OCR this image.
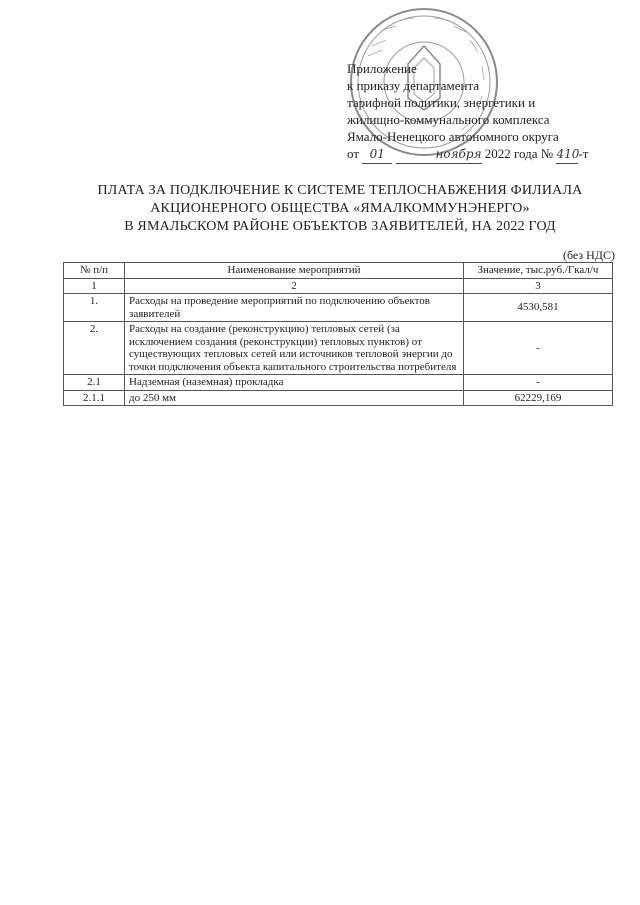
Приложение
к приказу департамента
тарифной политики, энергетики и
жилищно-коммунального комплекса
Ямало-Ненецкого автономного округа
от 01	ноября 2022 года № 410-т
ПЛАТА ЗА ПОДКЛЮЧЕНИЕ К СИСТЕМЕ ТЕПЛОСНАБЖЕНИЯ ФИЛИАЛА
АКЦИОНЕРНОГО ОБЩЕСТВА «ЯМАЛКОММУНЭНЕРГО»
В ЯМАЛЬСКОМ РАЙОНЕ ОБЪЕКТОВ ЗАЯВИТЕЛЕЙ, НА 2022 ГОД
(без НДС)
№ п/п	Наименование мероприятий	Значение, тыс.руб./Гкал/ч
1	2	3
1.	Расходы на проведение мероприятий по подключению объектов заявителей	4530,581
2.	Расходы на создание (реконструкцию) тепловых сетей (за исключением создания (реконструкции) тепловых пунктов) от существующих тепловых сетей или источников тепловой энергии до точки подключения объекта капитального строительства потребителя	-
2.1	Надземная (наземная) прокладка	-
2.1.1	до 250 мм	62229,169
